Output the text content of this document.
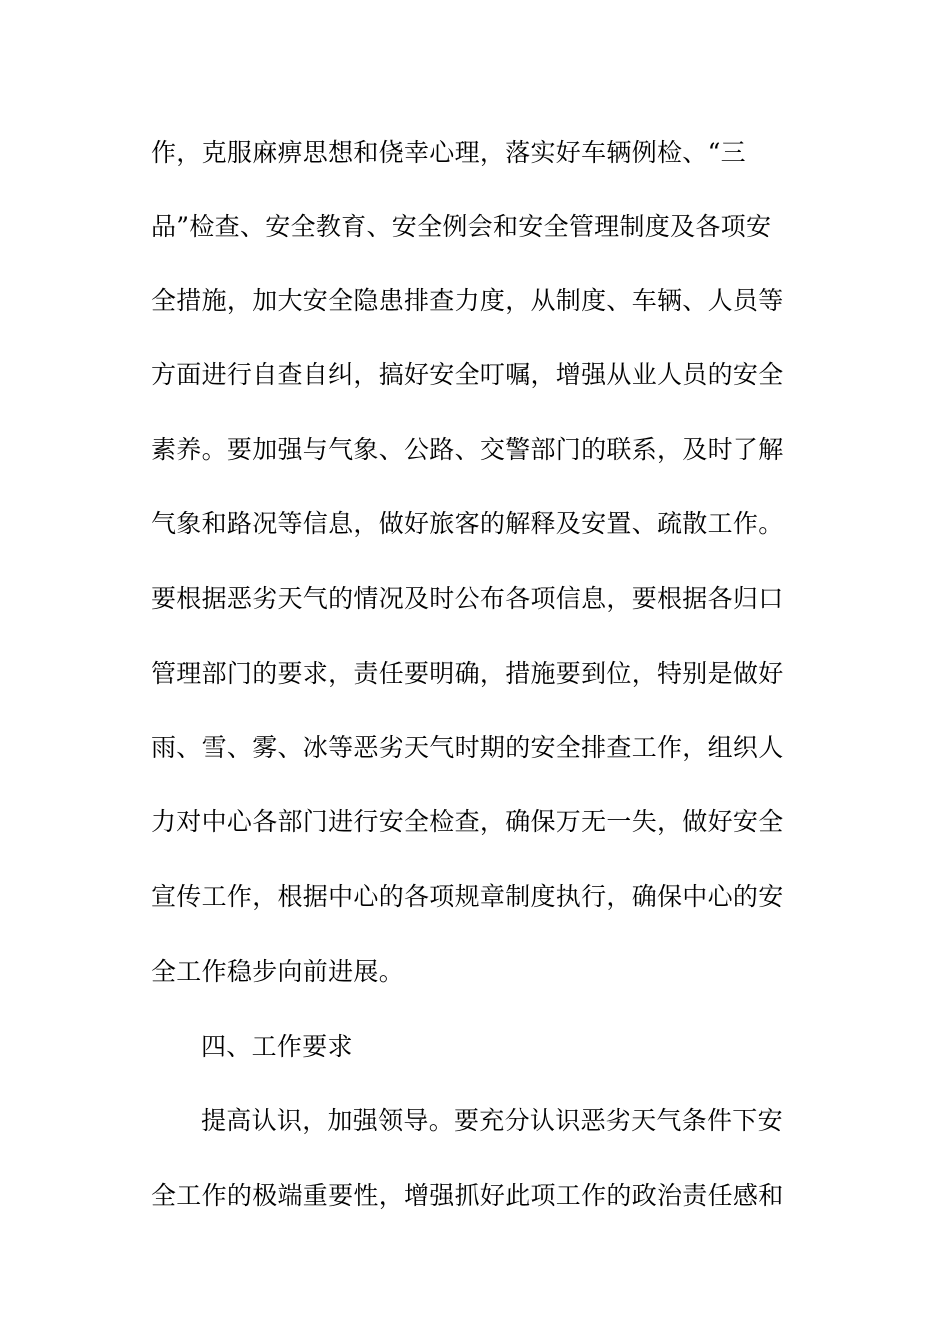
作，克服麻痹思想和侥幸心理，落实好车辆例检、“三
品”检查、安全教育、安全例会和安全管理制度及各项安
全措施，加大安全隐患排查力度，从制度、车辆、人员等
方面进行自查自纠，搞好安全叮嘱，增强从业人员的安全
素养。要加强与气象、公路、交警部门的联系，及时了解
气象和路况等信息，做好旅客的解释及安置、疏散工作。
要根据恶劣天气的情况及时公布各项信息，要根据各归口
管理部门的要求，责任要明确，措施要到位，特别是做好
雨、雪、雾、冰等恶劣天气时期的安全排查工作，组织人
力对中心各部门进行安全检查，确保万无一失，做好安全
宣传工作，根据中心的各项规章制度执行，确保中心的安
全工作稳步向前进展。
四、工作要求
提高认识，加强领导。要充分认识恶劣天气条件下安
全工作的极端重要性，增强抓好此项工作的政治责任感和
